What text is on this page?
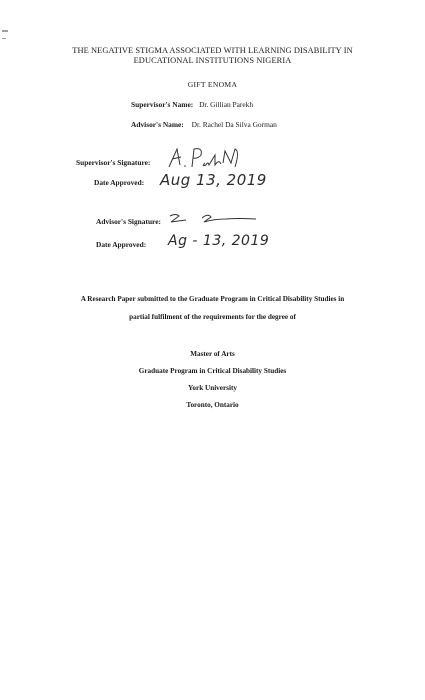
THE NEGATIVE STIGMA ASSOCIATED WITH LEARNING DISABILITY IN
EDUCATIONAL INSTITUTIONS NIGERIA
GIFT ENOMA
Supervisor's Name: Dr. Gillian Parekh
Advisor's Name: Dr. Rachel Da Silva Gorman
Supervisor's Signature:
Date Approved: Aug 13, 2019
Advisor's Signature:
Date Approved: Ag - 13, 2019
A Research Paper submitted to the Graduate Program in Critical Disability Studies in
partial fulfilment of the requirements for the degree of
Master of Arts
Graduate Program in Critical Disability Studies
York University
Toronto, Ontario
